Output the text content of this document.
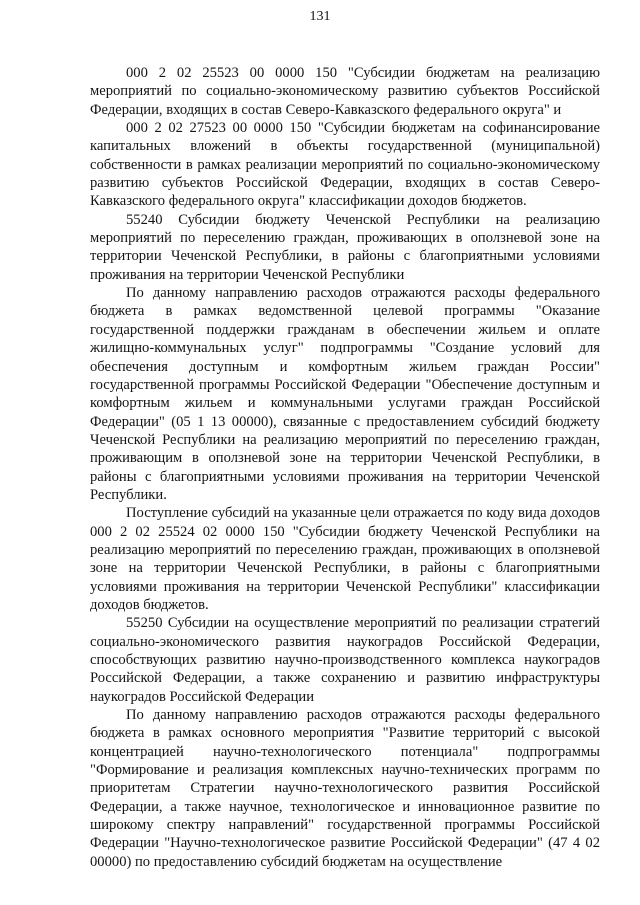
131

000 2 02 25523 00 0000 150 "Субсидии бюджетам на реализацию мероприятий по социально-экономическому развитию субъектов Российской Федерации, входящих в состав Северо-Кавказского федерального округа" и

000 2 02 27523 00 0000 150 "Субсидии бюджетам на софинансирование капитальных вложений в объекты государственной (муниципальной) собственности в рамках реализации мероприятий по социально-экономическому развитию субъектов Российской Федерации, входящих в состав Северо-Кавказского федерального округа" классификации доходов бюджетов.

55240 Субсидии бюджету Чеченской Республики на реализацию мероприятий по переселению граждан, проживающих в оползневой зоне на территории Чеченской Республики, в районы с благоприятными условиями проживания на территории Чеченской Республики

По данному направлению расходов отражаются расходы федерального бюджета в рамках ведомственной целевой программы "Оказание государственной поддержки гражданам в обеспечении жильем и оплате жилищно-коммунальных услуг" подпрограммы "Создание условий для обеспечения доступным и комфортным жильем граждан России" государственной программы Российской Федерации "Обеспечение доступным и комфортным жильем и коммунальными услугами граждан Российской Федерации" (05 1 13 00000), связанные с предоставлением субсидий бюджету Чеченской Республики на реализацию мероприятий по переселению граждан, проживающим в оползневой зоне на территории Чеченской Республики, в районы с благоприятными условиями проживания на территории Чеченской Республики.

Поступление субсидий на указанные цели отражается по коду вида доходов 000 2 02 25524 02 0000 150 "Субсидии бюджету Чеченской Республики на реализацию мероприятий по переселению граждан, проживающих в оползневой зоне на территории Чеченской Республики, в районы с благоприятными условиями проживания на территории Чеченской Республики" классификации доходов бюджетов.

55250 Субсидии на осуществление мероприятий по реализации стратегий социально-экономического развития наукоградов Российской Федерации, способствующих развитию научно-производственного комплекса наукоградов Российской Федерации, а также сохранению и развитию инфраструктуры наукоградов Российской Федерации

По данному направлению расходов отражаются расходы федерального бюджета в рамках основного мероприятия "Развитие территорий с высокой концентрацией научно-технологического потенциала" подпрограммы "Формирование и реализация комплексных научно-технических программ по приоритетам Стратегии научно-технологического развития Российской Федерации, а также научное, технологическое и инновационное развитие по широкому спектру направлений" государственной программы Российской Федерации "Научно-технологическое развитие Российской Федерации" (47 4 02 00000) по предоставлению субсидий бюджетам на осуществление
